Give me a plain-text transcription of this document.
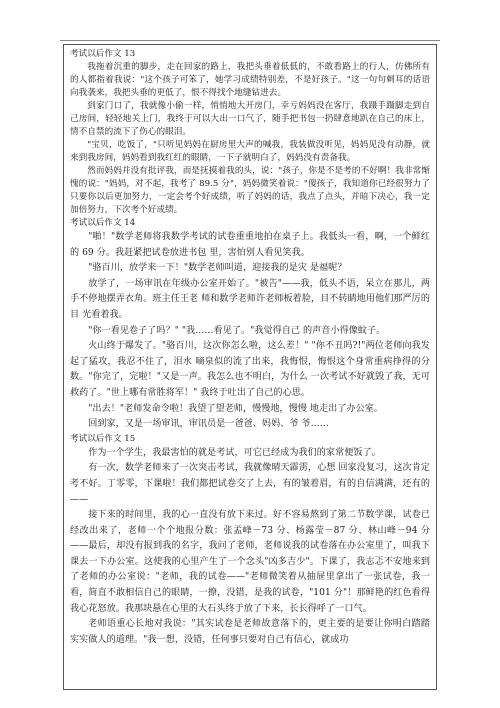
考试以后作文 13

我拖着沉重的脚步，走在回家的路上，我把头垂着低低的，不敢看路上的行人，仿佛所有的人都指着我说："这个孩子可笨了，她学习成绩特别差，不是好孩子。"这一句句刺耳的话语向我袭来，我把头垂的更低了，恨不得找个地缝钻进去。

到家门口了，我就像小偷一样，悄悄地大开房门，幸亏妈妈没在客厅，我蹑手蹑脚走到自己房间，轻轻地关上门，我终于可以大出一口气了，随手把书包一扔肆意地趴在自己的床上，情不自禁的流下了伤心的眼泪。

"宝贝，吃饭了，"只听见妈妈在厨房里大声的喊我，我装做没听见，妈妈见没有动静，就来到我房间，妈妈看到我红红的眼睛，一下子就明白了，妈妈没有责备我。

然而妈妈并没有批评我，而是抚摸着我的头，说："孩子，你是不是考的不好啊！我非常惭愧的说："妈妈，对不起，我考了 89.5 分"，妈妈微笑着说："傻孩子，我知道你已经很努力了只要你以后更加努力，一定会考个好成绩，听了妈妈的话，我点了点头，并暗下决心，我一定加倍努力，下次考个好成绩。

考试以后作文 14

"啪！"数学老师将我数学考试的试卷重重地拍在桌子上。我低头一看，啊，一个鲜红的 69 分。我赶紧把试卷放进书包 里，害怕别人看见笑我。

"骆百川，放学来一下！"数学老师叫道，迎接我的是灾 是福呢？

放学了，一场审讯在年级办公室开始了。"被告"——我，低头不语，呆立在那儿，两手不停地摆弄衣角。班主任王老 师和数学老师许老师板着脸，目不转睛地用他们那严厉的目 光看着我。

"你一看见卷子了吗？" "我……看见了。"我觉得自己 的声音小得像蚊子。

火山终于爆发了。"骆百川，这次你怎么啦，这么差！" "你不丑吗?!"两位老师向我发起了猛攻，我忍不住了，泪水 嘀泉似的流了出来，我悔恨，悔恨这个身常重病挣得的分数。"你完了，完啦！"又是一声。我怎么也不明白，为什么 一次考试不好就毁了我，无可救药了。"世上哪有常胜将军！" 我终于吐出了自己的心思。

"出去！"老师发命令啦！我望了望老师，慢慢地，慢慢 地走出了办公室。

回到家，又是一场审讯，审讯员是一爸爸、妈妈、爷 爷……

考试以后作文 15

作为一个学生，我最害怕的就是考试，可它已经成为我们的家常便饭了。

有一次，数学老师来了一次突击考试，我就像晴天霹雳，心想 回家没复习，这次肯定考不好。丁零零，下课啦！我们都把试卷交了上去，有的皱着眉，有的自信满满，还有的——

接下来的时间里，我的心一直没有放下来过。好不容易熬到了第二节数学课，试卷已经改出来了，老师一个个地报分数：张孟峰－73 分、杨露莹－87 分、林山峰－94 分——最后，却没有报到我的名字，我问了老师，老师说我的试卷落在办公室里了，叫我下课去一下办公室。这使我的心里产生了一个念头"凶多吉少"。下课了，我志忑不安地来到了老师的办公室说："老师，我的试卷——"老师微笑着从抽屉里拿出了一张试卷，我一看，简直不敢相信自己的眼睛，一撩，没错，是我的试卷，"101 分"！那鲜艳的红色看得我心花怒放。我那块悬在心里的大石头终于放了下来，长长得呼了一口气。

老师语重心长地对我说："其实试卷是老师故意落下的，更主要的是要让你明白踏踏实实做人的道理。"我一想，没错，任何事只要对自己有信心，就成功
